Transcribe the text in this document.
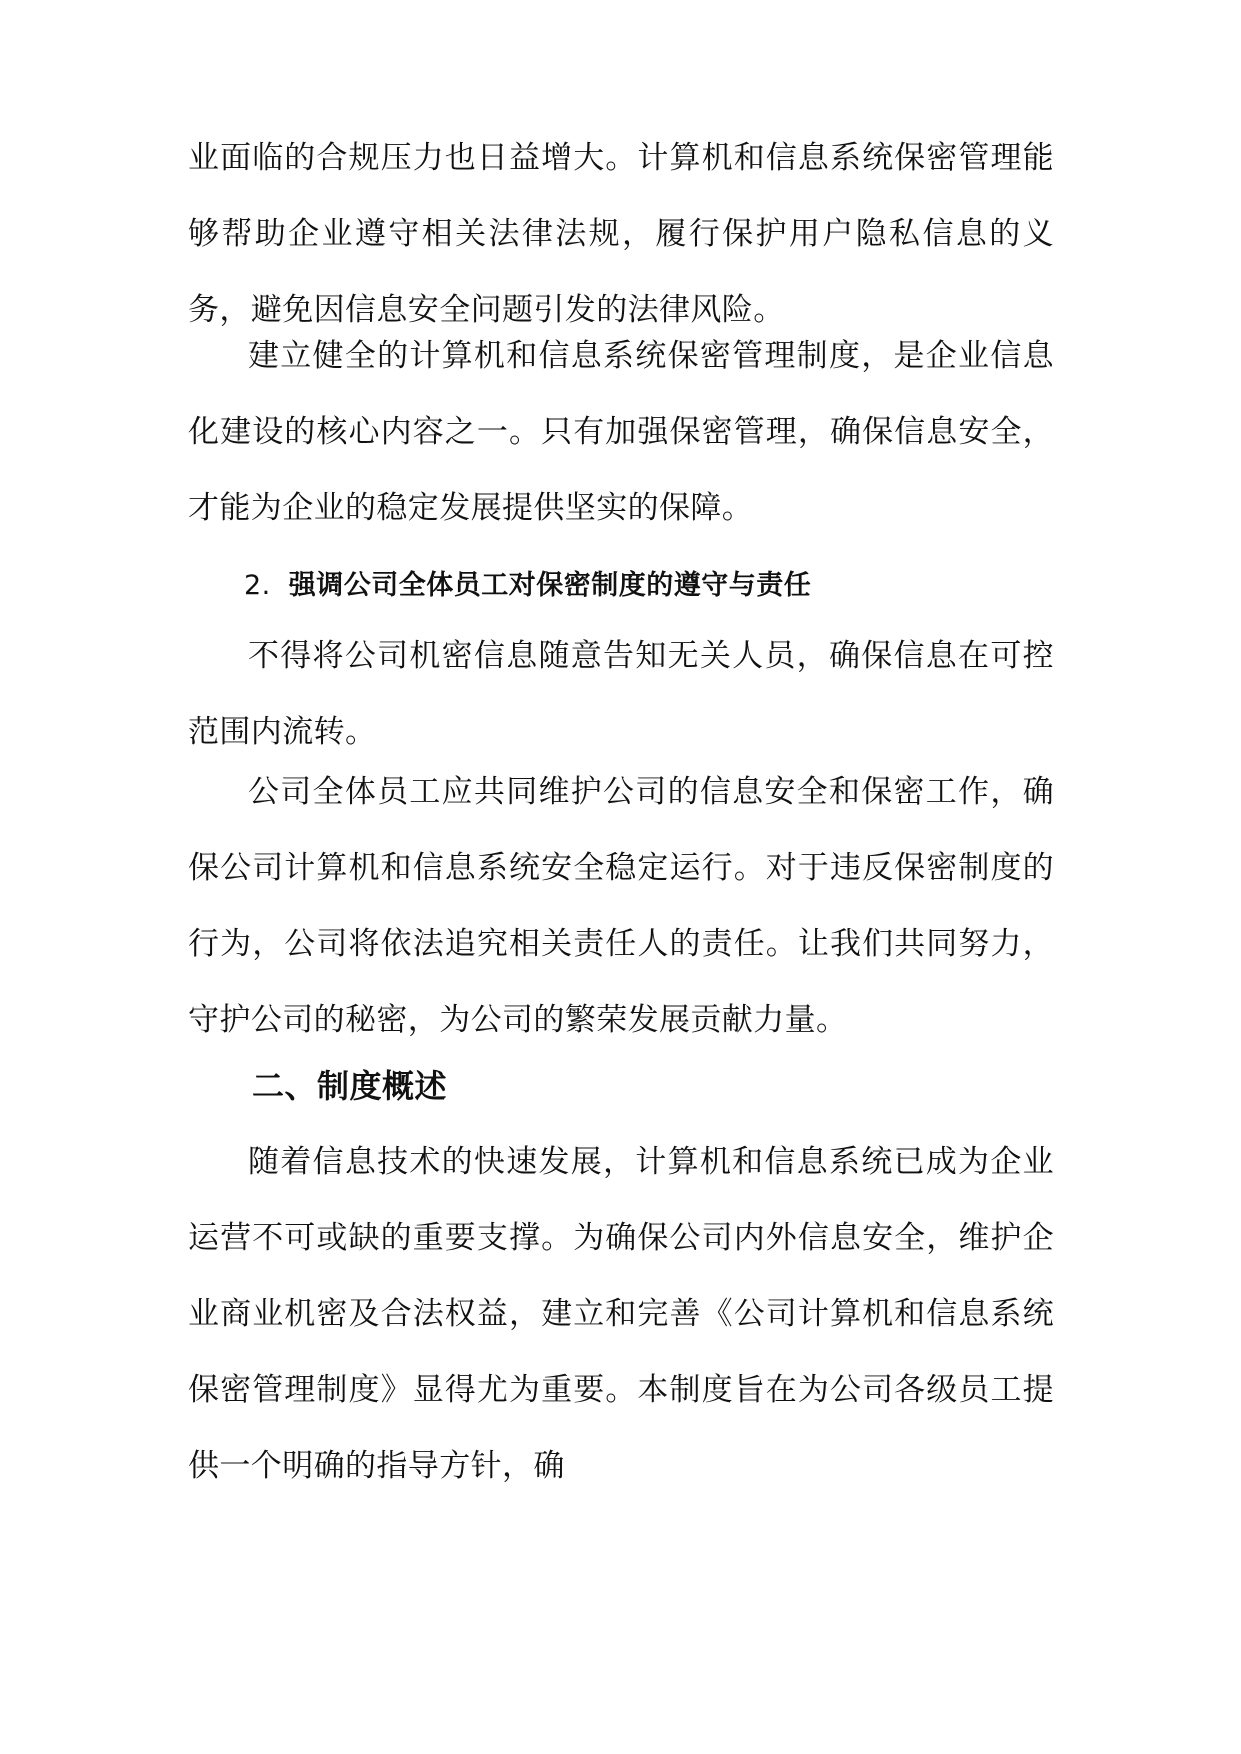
业面临的合规压力也日益增大。计算机和信息系统保密管理能够帮助企业遵守相关法律法规，履行保护用户隐私信息的义务，避免因信息安全问题引发的法律风险。

建立健全的计算机和信息系统保密管理制度，是企业信息化建设的核心内容之一。只有加强保密管理，确保信息安全，才能为企业的稳定发展提供坚实的保障。

2. 强调公司全体员工对保密制度的遵守与责任

不得将公司机密信息随意告知无关人员，确保信息在可控范围内流转。

公司全体员工应共同维护公司的信息安全和保密工作，确保公司计算机和信息系统安全稳定运行。对于违反保密制度的行为，公司将依法追究相关责任人的责任。让我们共同努力，守护公司的秘密，为公司的繁荣发展贡献力量。

二、制度概述

随着信息技术的快速发展，计算机和信息系统已成为企业运营不可或缺的重要支撑。为确保公司内外信息安全，维护企业商业机密及合法权益，建立和完善《公司计算机和信息系统保密管理制度》显得尤为重要。本制度旨在为公司各级员工提供一个明确的指导方针，确
